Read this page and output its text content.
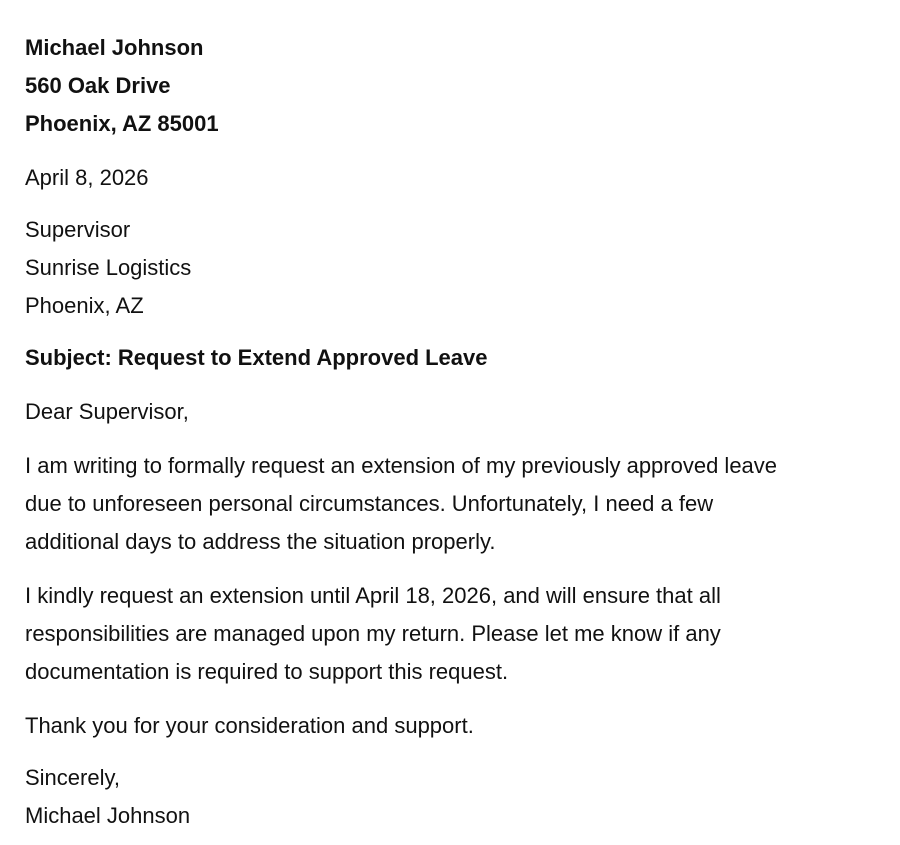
Michael Johnson
560 Oak Drive
Phoenix, AZ 85001
April 8, 2026
Supervisor
Sunrise Logistics
Phoenix, AZ
Subject: Request to Extend Approved Leave
Dear Supervisor,
I am writing to formally request an extension of my previously approved leave
due to unforeseen personal circumstances. Unfortunately, I need a few
additional days to address the situation properly.
I kindly request an extension until April 18, 2026, and will ensure that all
responsibilities are managed upon my return. Please let me know if any
documentation is required to support this request.
Thank you for your consideration and support.
Sincerely,
Michael Johnson
